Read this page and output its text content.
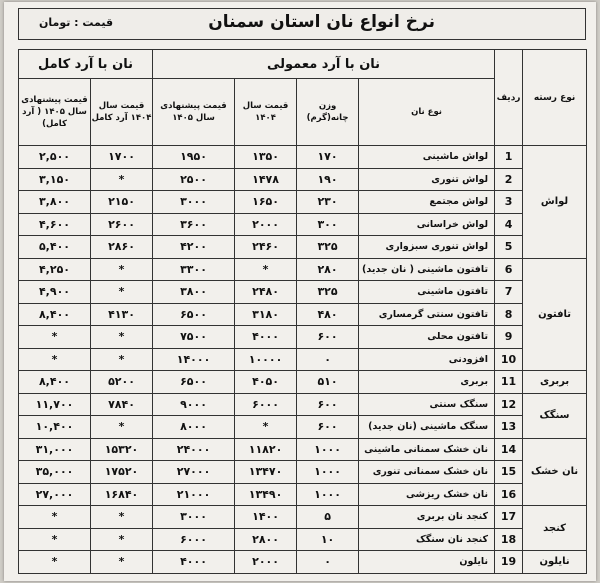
نرخ انواع نان استان سمنان
قیمت : تومان
نوع رسته	ردیف	نان با آرد معمولی				نان با آرد کامل	
		نوع نان	وزن چانه(گرم)	قیمت سال ۱۴۰۴	قیمت پیشنهادی سال ۱۴۰۵	قیمت سال ۱۴۰۴ آرد کامل	قیمت پیشنهادی سال ۱۴۰۵ ( آرد کامل)
لواش	1	لواش ماشینی	۱۷۰	۱۳۵۰	۱۹۵۰	۱۷۰۰	۲,۵۰۰
	2	لواش تنوری	۱۹۰	۱۴۷۸	۲۵۰۰	*	۳,۱۵۰
	3	لواش مجتمع	۲۳۰	۱۶۵۰	۳۰۰۰	۲۱۵۰	۳,۸۰۰
	4	لواش خراسانی	۳۰۰	۲۰۰۰	۳۶۰۰	۲۶۰۰	۴,۶۰۰
	5	لواش تنوری سبزواری	۳۲۵	۲۴۶۰	۴۲۰۰	۲۸۶۰	۵,۴۰۰
تافتون	6	تافتون ماشینی ( نان جدید)	۲۸۰	*	۳۳۰۰	*	۴,۲۵۰
	7	تافتون ماشینی	۳۲۵	۲۴۸۰	۳۸۰۰	*	۴,۹۰۰
	8	تافتون سنتی گرمساری	۴۸۰	۳۱۸۰	۶۵۰۰	۴۱۳۰	۸,۴۰۰
	9	تافتون محلی	۶۰۰	۴۰۰۰	۷۵۰۰	*	*
	10	افزودنی	۰	۱۰۰۰۰	۱۴۰۰۰	*	*
بربری	11	بربری	۵۱۰	۴۰۵۰	۶۵۰۰	۵۲۰۰	۸,۴۰۰
سنگک	12	سنگک سنتی	۶۰۰	۶۰۰۰	۹۰۰۰	۷۸۴۰	۱۱,۷۰۰
	13	سنگک ماشینی (نان جدید)	۶۰۰	*	۸۰۰۰	*	۱۰,۴۰۰
نان خشک	14	نان خشک سمنانی ماشینی	۱۰۰۰	۱۱۸۲۰	۲۴۰۰۰	۱۵۳۲۰	۳۱,۰۰۰
	15	نان خشک سمنانی تنوری	۱۰۰۰	۱۳۴۷۰	۲۷۰۰۰	۱۷۵۲۰	۳۵,۰۰۰
	16	نان خشک ریزشی	۱۰۰۰	۱۳۴۹۰	۲۱۰۰۰	۱۶۸۴۰	۲۷,۰۰۰
کنجد	17	کنجد نان بربری	۵	۱۴۰۰	۳۰۰۰	*	*
	18	کنجد نان سنگک	۱۰	۲۸۰۰	۶۰۰۰	*	*
نایلون	19	نایلون	۰	۲۰۰۰	۴۰۰۰	*	*
